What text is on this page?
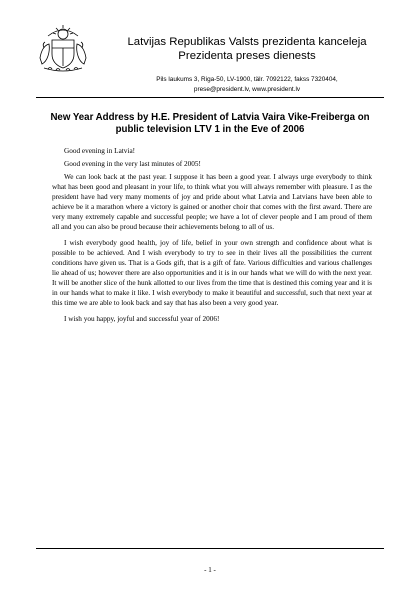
Latvijas Republikas Valsts prezidenta kanceleja
Prezidenta preses dienests
Pils laukums 3, Riga-50, LV-1900, tälr. 7092122, fakss 7320404,
prese@president.lv, www.president.lv
New Year Address by H.E. President of Latvia Vaira Vike-Freiberga on
public television LTV 1 in the Eve of 2006

Good evening in Latvia!

Good evening in the very last minutes of 2005!

We can look back at the past year. I suppose it has been a good year. I always urge everybody to think what has been good and pleasant in your life, to think what you will always remember with pleasure. I as the president have had very many moments of joy and pride about what Latvia and Latvians have been able to achieve be it a marathon where a victory is gained or another choir that comes with the first award. There are very many extremely capable and successful people; we have a lot of clever people and I am proud of them all and you can also be proud because their achievements belong to all of us.

I wish everybody good health, joy of life, belief in your own strength and confidence about what is possible to be achieved. And I wish everybody to try to see in their lives all the possibilities the current conditions have given us. That is a Gods gift, that is a gift of fate. Various difficulties and various challenges lie ahead of us; however there are also opportunities and it is in our hands what we will do with the next year. It will be another slice of the hunk allotted to our lives from the time that is destined this coming year and it is in our hands what to make it like. I wish everybody to make it beautiful and successful, such that next year at this time we are able to look back and say that has also been a very good year.

I wish you happy, joyful and successful year of 2006!

- 1 -
